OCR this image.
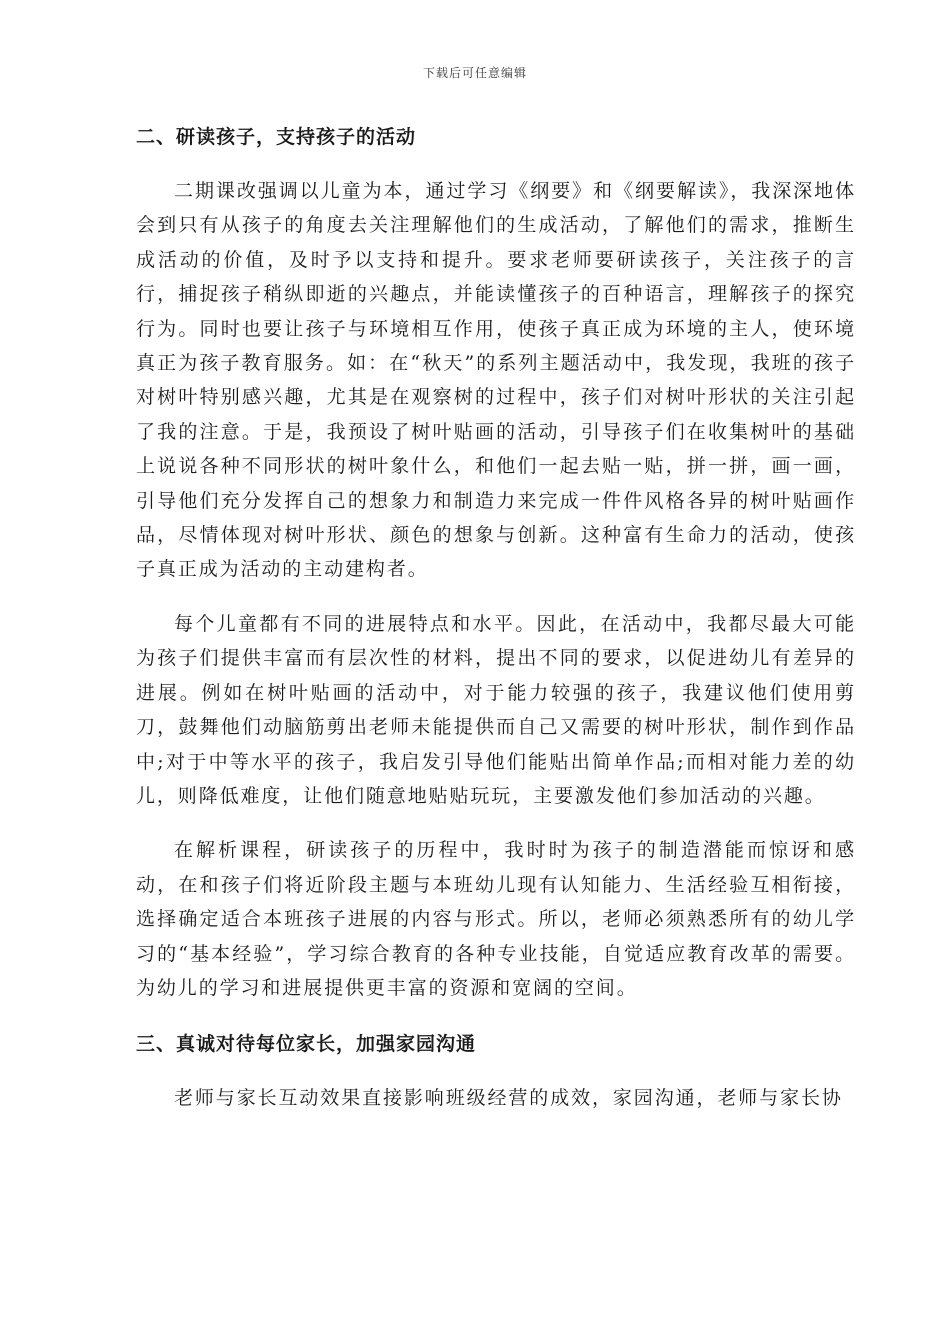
下载后可任意编辑
二、研读孩子，支持孩子的活动

二期课改强调以儿童为本，通过学习《纲要》和《纲要解读》，我深深地体会到只有从孩子的角度去关注理解他们的生成活动，了解他们的需求，推断生成活动的价值，及时予以支持和提升。要求老师要研读孩子，关注孩子的言行，捕捉孩子稍纵即逝的兴趣点，并能读懂孩子的百种语言，理解孩子的探究行为。同时也要让孩子与环境相互作用，使孩子真正成为环境的主人，使环境真正为孩子教育服务。如：在“秋天”的系列主题活动中，我发现，我班的孩子对树叶特别感兴趣，尤其是在观察树的过程中，孩子们对树叶形状的关注引起了我的注意。于是，我预设了树叶贴画的活动，引导孩子们在收集树叶的基础上说说各种不同形状的树叶象什么，和他们一起去贴一贴，拼一拼，画一画，引导他们充分发挥自己的想象力和制造力来完成一件件风格各异的树叶贴画作品，尽情体现对树叶形状、颜色的想象与创新。这种富有生命力的活动，使孩子真正成为活动的主动建构者。

每个儿童都有不同的进展特点和水平。因此，在活动中，我都尽最大可能为孩子们提供丰富而有层次性的材料，提出不同的要求，以促进幼儿有差异的进展。例如在树叶贴画的活动中，对于能力较强的孩子，我建议他们使用剪刀，鼓舞他们动脑筋剪出老师未能提供而自己又需要的树叶形状，制作到作品中;对于中等水平的孩子，我启发引导他们能贴出简单作品;而相对能力差的幼儿，则降低难度，让他们随意地贴贴玩玩，主要激发他们参加活动的兴趣。

在解析课程，研读孩子的历程中，我时时为孩子的制造潜能而惊讶和感动，在和孩子们将近阶段主题与本班幼儿现有认知能力、生活经验互相衔接，选择确定适合本班孩子进展的内容与形式。所以，老师必须熟悉所有的幼儿学习的“基本经验”，学习综合教育的各种专业技能，自觉适应教育改革的需要。为幼儿的学习和进展提供更丰富的资源和宽阔的空间。

三、真诚对待每位家长，加强家园沟通

老师与家长互动效果直接影响班级经营的成效，家园沟通，老师与家长协
